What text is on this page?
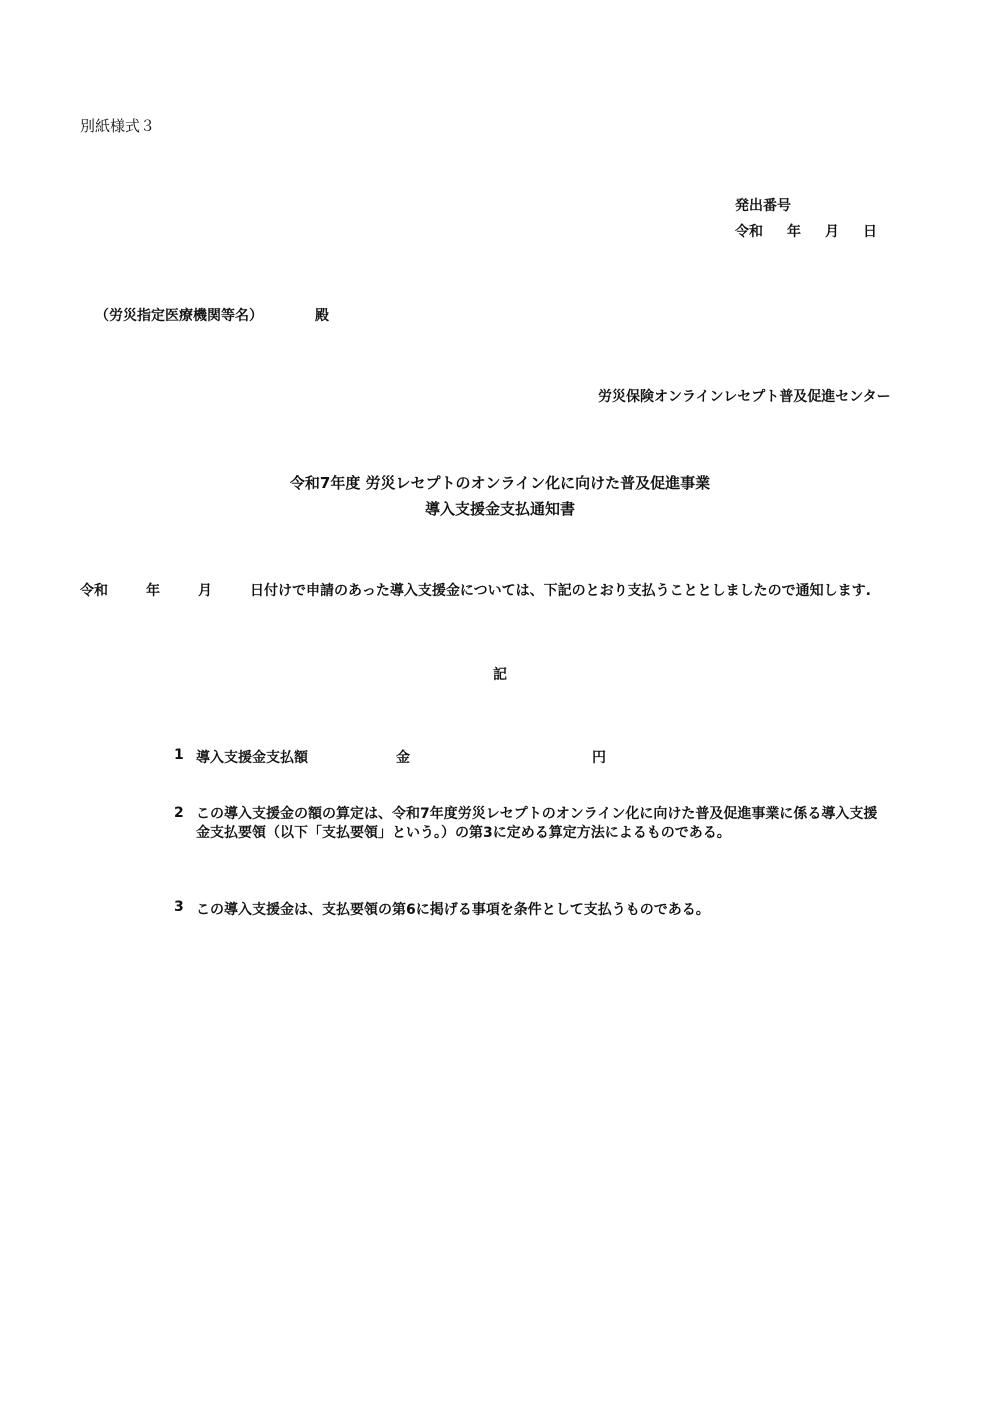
別紙様式３
発出番号
令和 年 月 日
（労災指定医療機関等名）	殿
労災保険オンラインレセプト普及促進センター
令和7年度 労災レセプトのオンライン化に向けた普及促進事業
導入支援金支払通知書
令和	年	月	日付けで申請のあった導入支援金については、下記のとおり支払うこととしましたので通知します.
記
1 導入支援金支払額	金	円
2 この導入支援金の額の算定は、令和7年度労災レセプトのオンライン化に向けた普及促進事業に係る導入支援金支払要領（以下「支払要領」という。）の第3に定める算定方法によるものである。
3 この導入支援金は、支払要領の第6に掲げる事項を条件として支払うものである。
